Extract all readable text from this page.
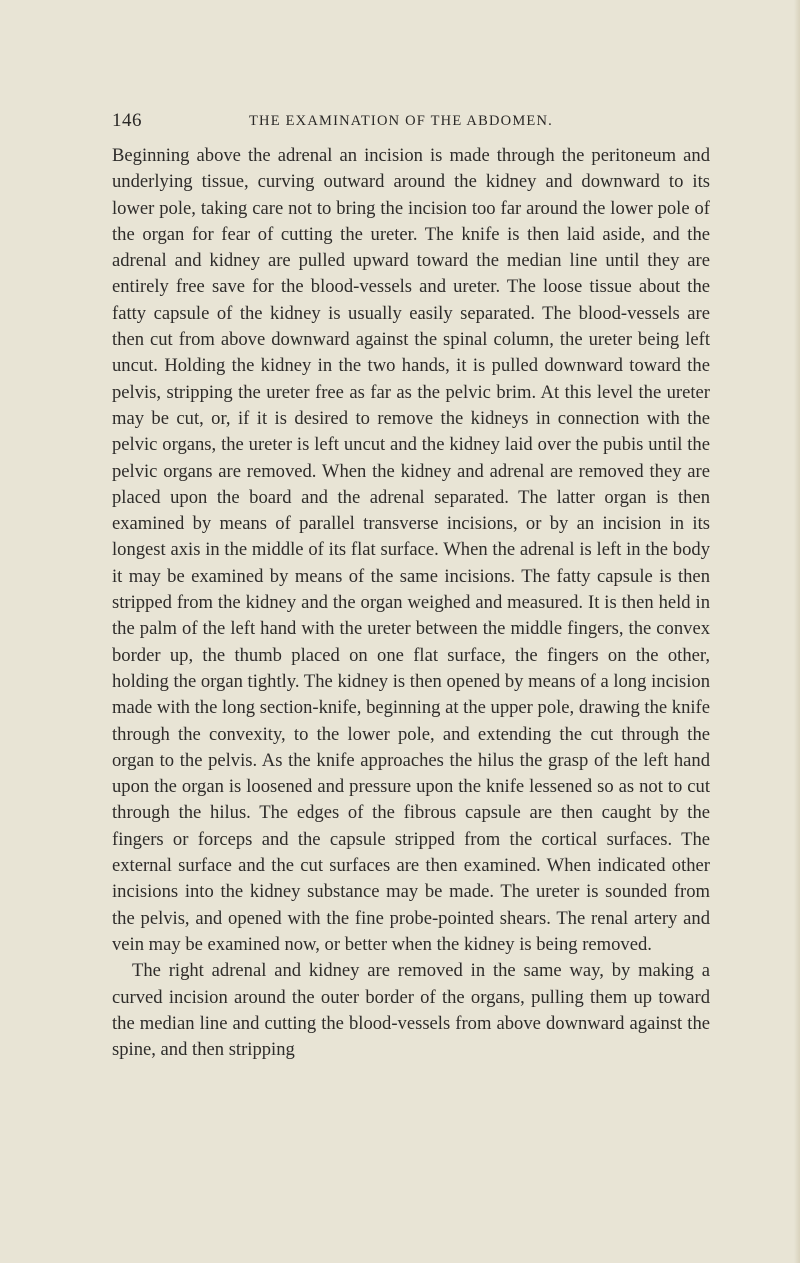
146	THE EXAMINATION OF THE ABDOMEN.

Beginning above the adrenal an incision is made through the peritoneum and underlying tissue, curving outward around the kidney and downward to its lower pole, taking care not to bring the incision too far around the lower pole of the organ for fear of cutting the ureter. The knife is then laid aside, and the adrenal and kidney are pulled upward toward the median line until they are entirely free save for the blood-vessels and ureter. The loose tissue about the fatty capsule of the kidney is usually easily separated. The blood-vessels are then cut from above downward against the spinal column, the ureter being left uncut. Holding the kidney in the two hands, it is pulled downward toward the pelvis, stripping the ureter free as far as the pelvic brim. At this level the ureter may be cut, or, if it is desired to remove the kidneys in connection with the pelvic organs, the ureter is left uncut and the kidney laid over the pubis until the pelvic organs are removed. When the kidney and adrenal are removed they are placed upon the board and the adrenal separated. The latter organ is then examined by means of parallel transverse incisions, or by an incision in its longest axis in the middle of its flat surface. When the adrenal is left in the body it may be examined by means of the same incisions. The fatty capsule is then stripped from the kidney and the organ weighed and measured. It is then held in the palm of the left hand with the ureter between the middle fingers, the convex border up, the thumb placed on one flat surface, the fingers on the other, holding the organ tightly. The kidney is then opened by means of a long incision made with the long section-knife, beginning at the upper pole, drawing the knife through the convexity, to the lower pole, and extending the cut through the organ to the pelvis. As the knife approaches the hilus the grasp of the left hand upon the organ is loosened and pressure upon the knife lessened so as not to cut through the hilus. The edges of the fibrous capsule are then caught by the fingers or forceps and the capsule stripped from the cortical surfaces. The external surface and the cut surfaces are then examined. When indicated other incisions into the kidney substance may be made. The ureter is sounded from the pelvis, and opened with the fine probe-pointed shears. The renal artery and vein may be examined now, or better when the kidney is being removed.

The right adrenal and kidney are removed in the same way, by making a curved incision around the outer border of the organs, pulling them up toward the median line and cutting the blood-vessels from above downward against the spine, and then stripping
